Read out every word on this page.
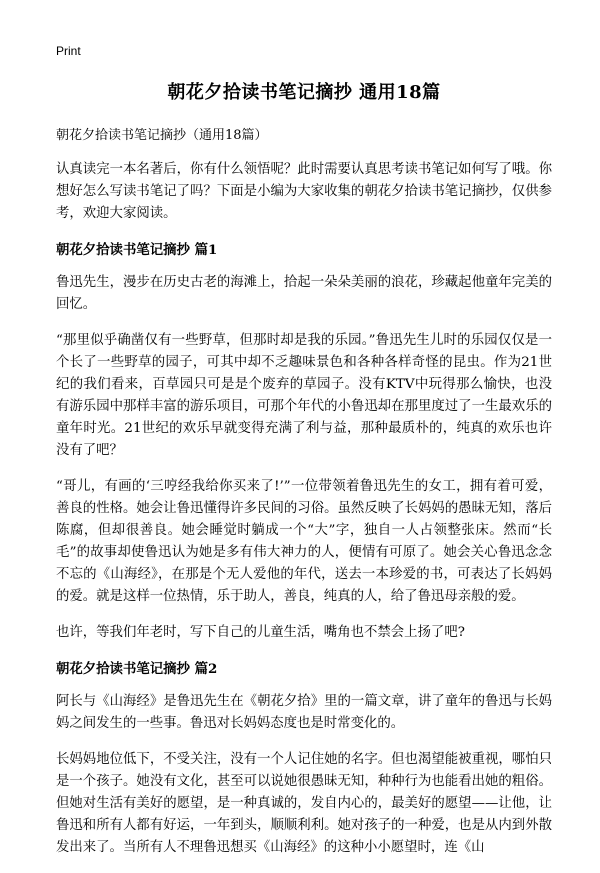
Print
朝花夕拾读书笔记摘抄 通用18篇
朝花夕拾读书笔记摘抄（通用18篇）

认真读完一本名著后，你有什么领悟呢？此时需要认真思考读书笔记如何写了哦。你想好怎么写读书笔记了吗？下面是小编为大家收集的朝花夕拾读书笔记摘抄，仅供参考，欢迎大家阅读。

朝花夕拾读书笔记摘抄 篇1

鲁迅先生，漫步在历史古老的海滩上，拾起一朵朵美丽的浪花，珍藏起他童年完美的回忆。

“那里似乎确凿仅有一些野草，但那时却是我的乐园。”鲁迅先生儿时的乐园仅仅是一个长了一些野草的园子，可其中却不乏趣味景色和各种各样奇怪的昆虫。作为21世纪的我们看来，百草园只可是是个废弃的草园子。没有KTV中玩得那么愉快，也没有游乐园中那样丰富的游乐项目，可那个年代的小鲁迅却在那里度过了一生最欢乐的童年时光。21世纪的欢乐早就变得充满了利与益，那种最质朴的，纯真的欢乐也许没有了吧？

“哥儿，有画的‘三哼经我给你买来了!’”一位带领着鲁迅先生的女工，拥有着可爱，善良的性格。她会让鲁迅懂得许多民间的习俗。虽然反映了长妈妈的愚昧无知，落后陈腐，但却很善良。她会睡觉时躺成一个“大”字，独自一人占领整张床。然而“长毛”的故事却使鲁迅认为她是多有伟大神力的人，便情有可原了。她会关心鲁迅念念不忘的《山海经》，在那是个无人爱他的年代，送去一本珍爱的书，可表达了长妈妈的爱。就是这样一位热情，乐于助人，善良，纯真的人，给了鲁迅母亲般的爱。

也许，等我们年老时，写下自己的儿童生活，嘴角也不禁会上扬了吧?

朝花夕拾读书笔记摘抄 篇2

阿长与《山海经》是鲁迅先生在《朝花夕拾》里的一篇文章，讲了童年的鲁迅与长妈妈之间发生的一些事。鲁迅对长妈妈态度也是时常变化的。

长妈妈地位低下，不受关注，没有一个人记住她的名字。但也渴望能被重视，哪怕只是一个孩子。她没有文化，甚至可以说她很愚昧无知，种种行为也能看出她的粗俗。但她对生活有美好的愿望，是一种真诚的，发自内心的，最美好的愿望——让他，让鲁迅和所有人都有好运，一年到头，顺顺利利。她对孩子的一种爱，也是从内到外散发出来了。当所有人不理鲁迅想买《山海经》的这种小小愿望时，连《山
